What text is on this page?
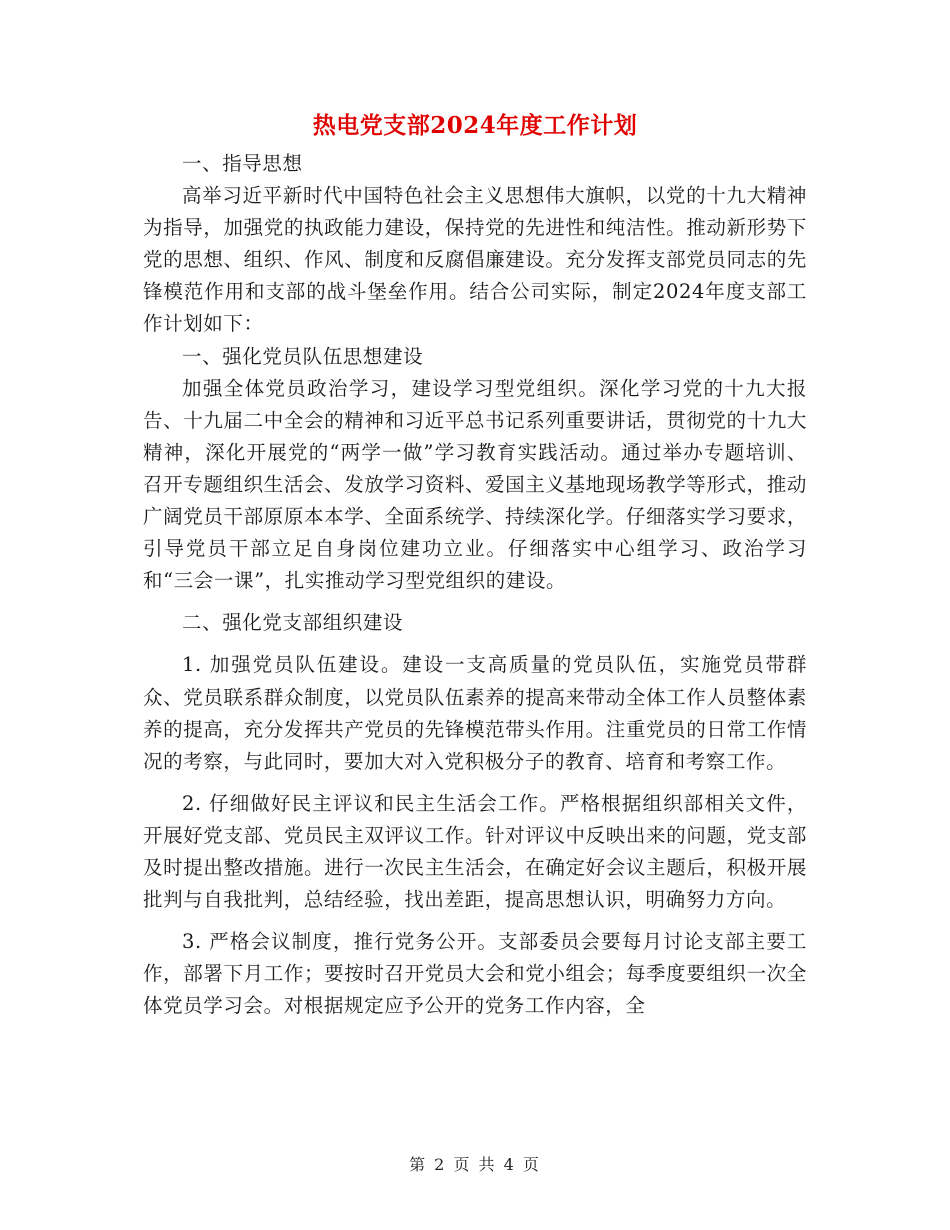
热电党支部2024年度工作计划

一、指导思想

高举习近平新时代中国特色社会主义思想伟大旗帜，以党的十九大精神为指导，加强党的执政能力建设，保持党的先进性和纯洁性。推动新形势下党的思想、组织、作风、制度和反腐倡廉建设。充分发挥支部党员同志的先锋模范作用和支部的战斗堡垒作用。结合公司实际，制定2024年度支部工作计划如下：

一、强化党员队伍思想建设

加强全体党员政治学习，建设学习型党组织。深化学习党的十九大报告、十九届二中全会的精神和习近平总书记系列重要讲话，贯彻党的十九大精神，深化开展党的“两学一做”学习教育实践活动。通过举办专题培训、召开专题组织生活会、发放学习资料、爱国主义基地现场教学等形式，推动广阔党员干部原原本本学、全面系统学、持续深化学。仔细落实学习要求，引导党员干部立足自身岗位建功立业。仔细落实中心组学习、政治学习和“三会一课”，扎实推动学习型党组织的建设。

二、强化党支部组织建设

1. 加强党员队伍建设。建设一支高质量的党员队伍，实施党员带群众、党员联系群众制度，以党员队伍素养的提高来带动全体工作人员整体素养的提高，充分发挥共产党员的先锋模范带头作用。注重党员的日常工作情况的考察，与此同时，要加大对入党积极分子的教育、培育和考察工作。

2. 仔细做好民主评议和民主生活会工作。严格根据组织部相关文件，开展好党支部、党员民主双评议工作。针对评议中反映出来的问题，党支部及时提出整改措施。进行一次民主生活会，在确定好会议主题后，积极开展批判与自我批判，总结经验，找出差距，提高思想认识，明确努力方向。

3. 严格会议制度，推行党务公开。支部委员会要每月讨论支部主要工作，部署下月工作；要按时召开党员大会和党小组会；每季度要组织一次全体党员学习会。对根据规定应予公开的党务工作内容，全

第 2 页 共 4 页
